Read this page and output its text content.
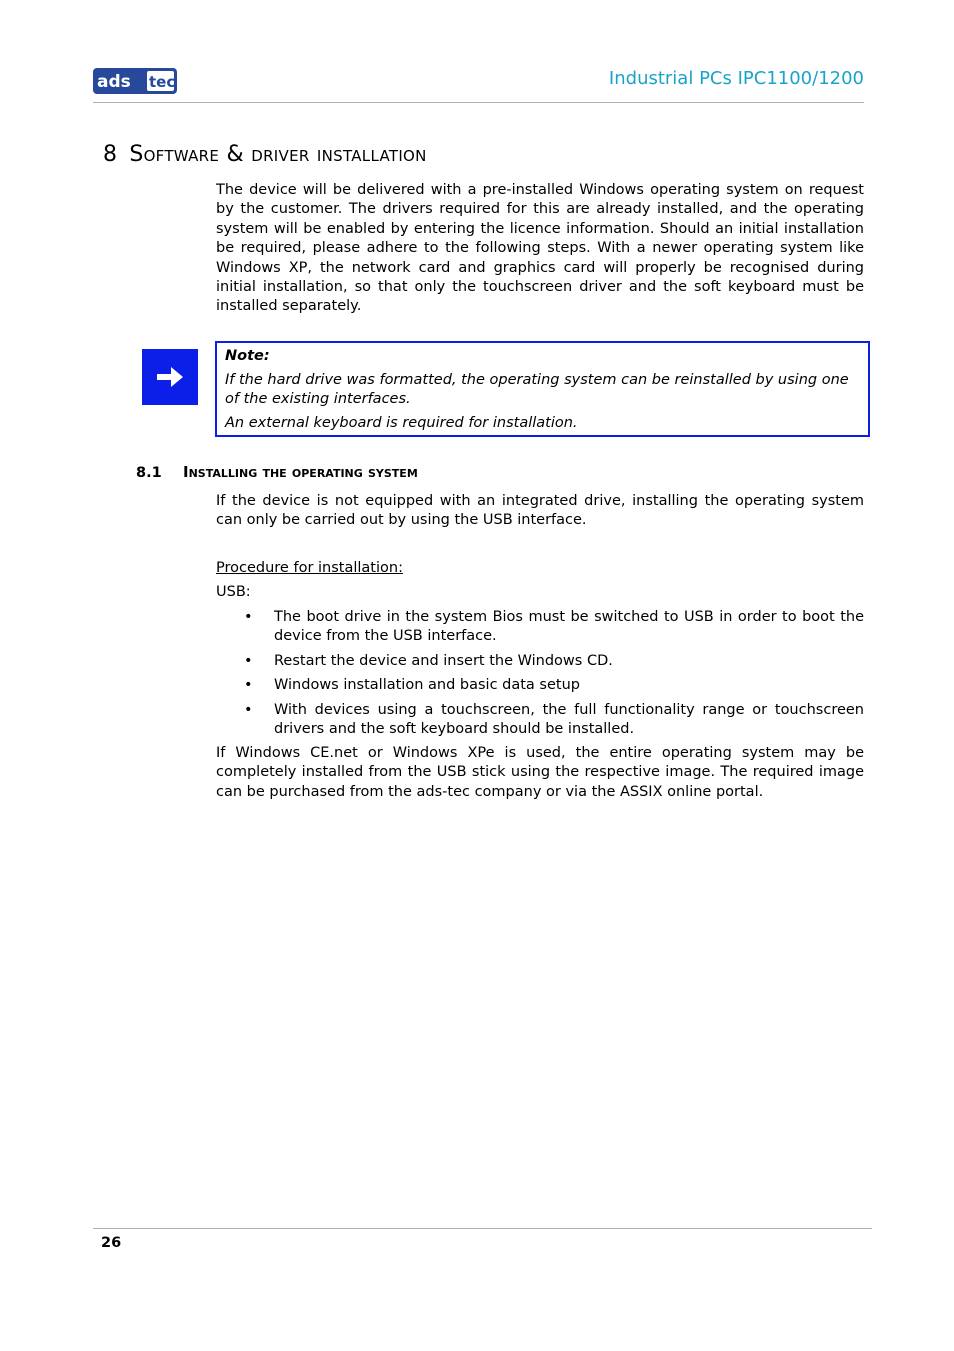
ads tec	Industrial PCs IPC1100/1200
8 Software & driver installation
The device will be delivered with a pre-installed Windows operating system on request by the customer. The drivers required for this are already installed, and the operating system will be enabled by entering the licence information. Should an initial installation be required, please adhere to the following steps. With a newer operating system like Windows XP, the network card and graphics card will properly be recognised during initial installation, so that only the touchscreen driver and the soft keyboard must be installed separately.
Note:
If the hard drive was formatted, the operating system can be reinstalled by using one of the existing interfaces.
An external keyboard is required for installation.
8.1 Installing the operating system
If the device is not equipped with an integrated drive, installing the operating system can only be carried out by using the USB interface.
Procedure for installation:
USB:
• The boot drive in the system Bios must be switched to USB in order to boot the device from the USB interface.
• Restart the device and insert the Windows CD.
• Windows installation and basic data setup
• With devices using a touchscreen, the full functionality range or touchscreen drivers and the soft keyboard should be installed.
If Windows CE.net or Windows XPe is used, the entire operating system may be completely installed from the USB stick using the respective image. The required image can be purchased from the ads-tec company or via the ASSIX online portal.
26
